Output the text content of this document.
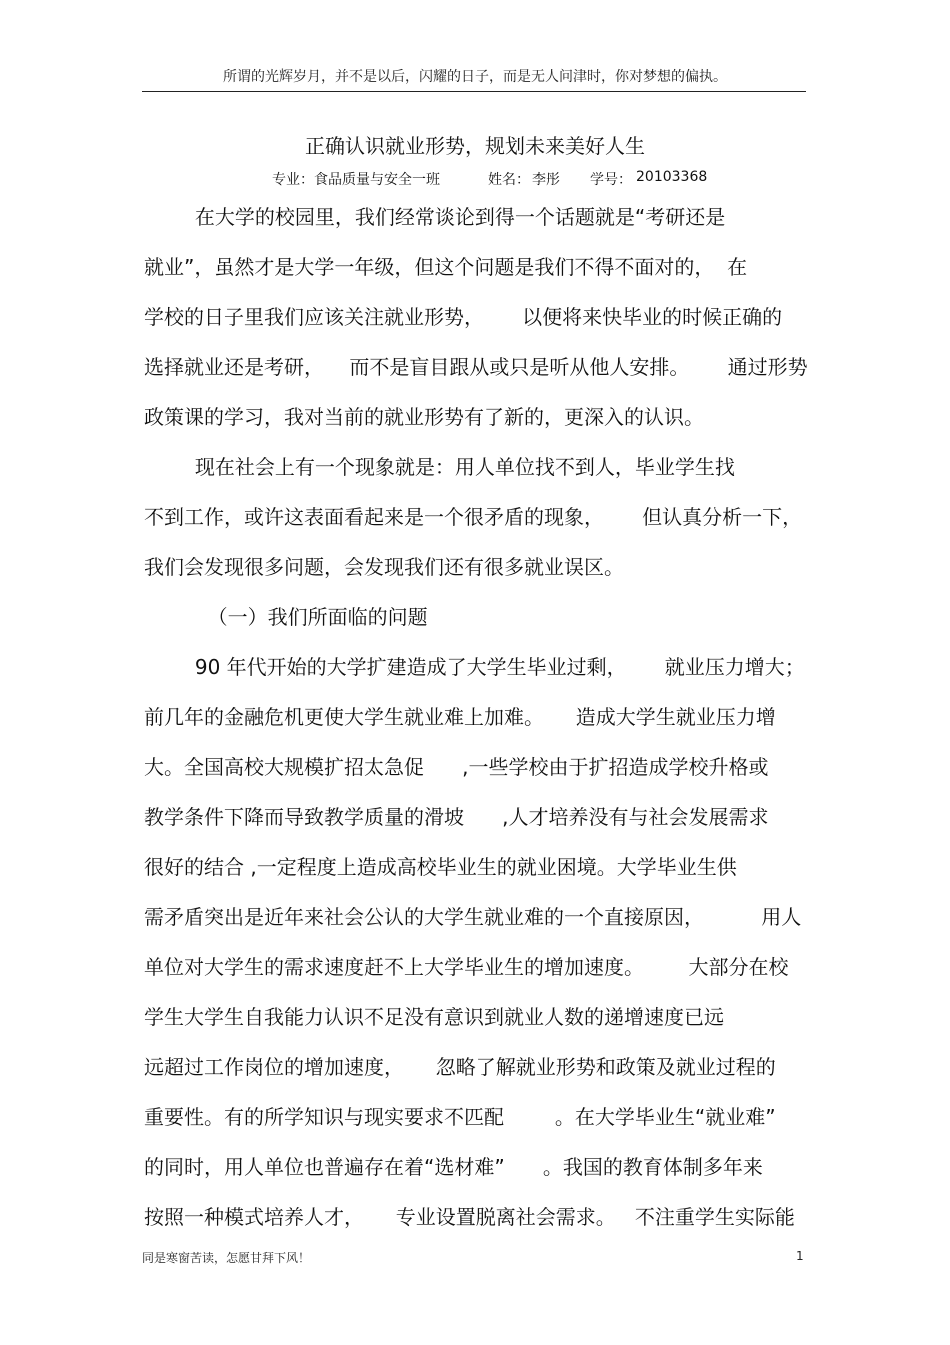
所谓的光辉岁月，并不是以后，闪耀的日子，而是无人问津时，你对梦想的偏执。
正确认识就业形势，规划未来美好人生
专业： 食品质量与安全一班	姓名： 李彤 学号： 20103368
在大学的校园里，我们经常谈论到得一个话题就是“考研还是
就业”，虽然才是大学一年级，但这个问题是我们不得不面对的，  在
学校的日子里我们应该关注就业形势，      以便将来快毕业的时候正确的
选择就业还是考研，    而不是盲目跟从或只是听从他人安排。      通过形势
政策课的学习，我对当前的就业形势有了新的，更深入的认识。
现在社会上有一个现象就是：用人单位找不到人，毕业学生找
不到工作，或许这表面看起来是一个很矛盾的现象，      但认真分析一下，
我们会发现很多问题，会发现我们还有很多就业误区。
（一）我们所面临的问题
90 年代开始的大学扩建造成了大学生毕业过剩，      就业压力增大；
前几年的金融危机更使大学生就业难上加难。     造成大学生就业压力增
大。全国高校大规模扩招太急促      ,一些学校由于扩招造成学校升格或
教学条件下降而导致教学质量的滑坡      ,人才培养没有与社会发展需求
很好的结合 ,一定程度上造成高校毕业生的就业困境。大学毕业生供
需矛盾突出是近年来社会公认的大学生就业难的一个直接原因，         用人
单位对大学生的需求速度赶不上大学毕业生的增加速度。       大部分在校
学生大学生自我能力认识不足没有意识到就业人数的递增速度已远
远超过工作岗位的增加速度，     忽略了解就业形势和政策及就业过程的
重要性。有的所学知识与现实要求不匹配        。在大学毕业生“就业难”
的同时，用人单位也普遍存在着“选材难”      。我国的教育体制多年来
按照一种模式培养人才，     专业设置脱离社会需求。   不注重学生实际能
同是寒窗苦读，怎愿甘拜下风！	1
